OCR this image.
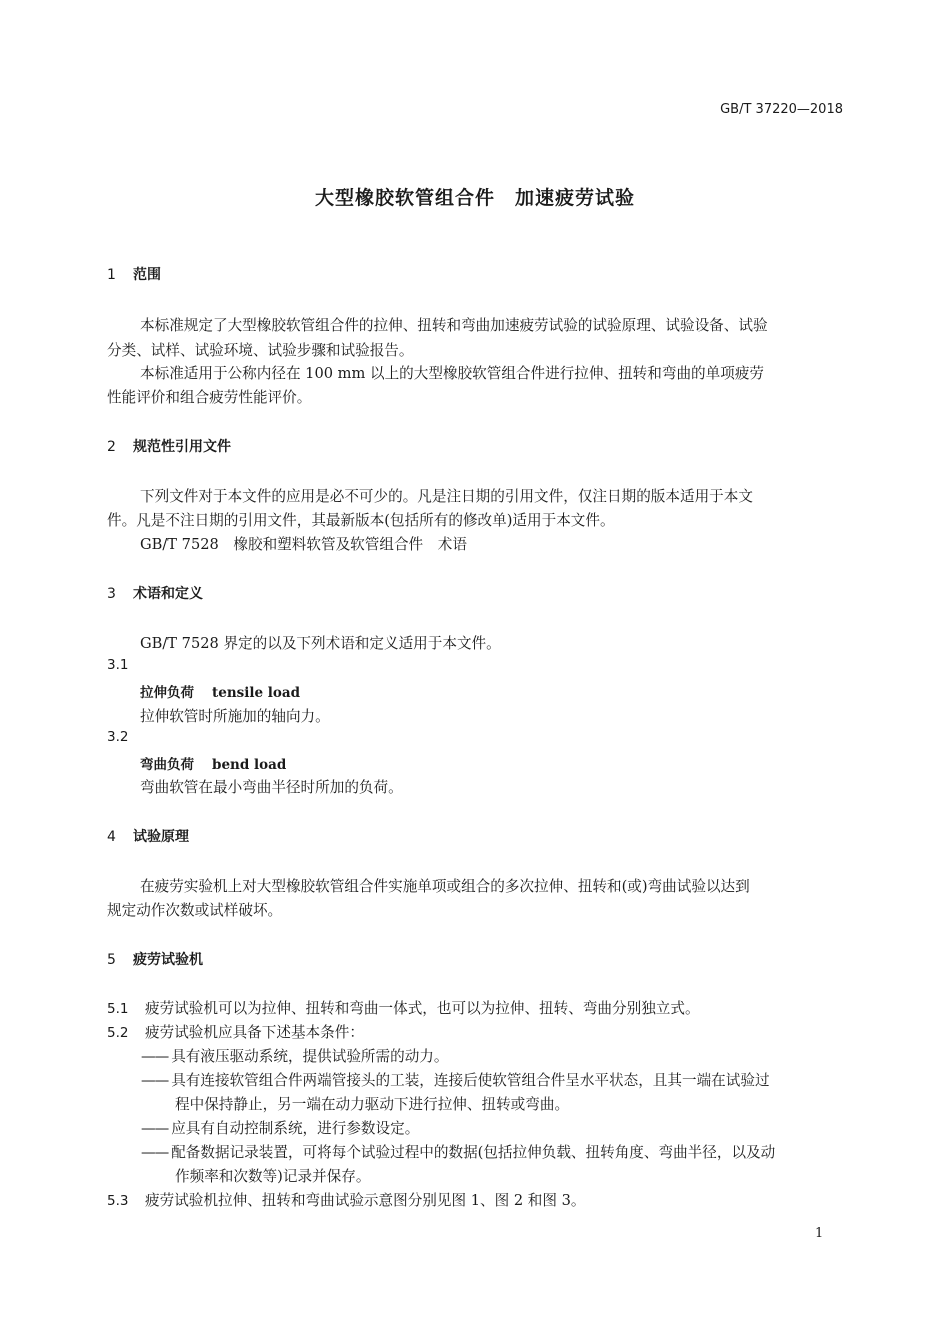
GB/T 37220—2018
大型橡胶软管组合件　加速疲劳试验
1 范围
本标准规定了大型橡胶软管组合件的拉伸、扭转和弯曲加速疲劳试验的试验原理、试验设备、试验
分类、试样、试验环境、试验步骤和试验报告。
本标准适用于公称内径在 100 mm 以上的大型橡胶软管组合件进行拉伸、扭转和弯曲的单项疲劳
性能评价和组合疲劳性能评价。
2 规范性引用文件
下列文件对于本文件的应用是必不可少的。凡是注日期的引用文件，仅注日期的版本适用于本文
件。凡是不注日期的引用文件，其最新版本(包括所有的修改单)适用于本文件。
GB/T 7528　橡胶和塑料软管及软管组合件　术语
3 术语和定义
GB/T 7528 界定的以及下列术语和定义适用于本文件。
3.1
拉伸负荷 tensile load
拉伸软管时所施加的轴向力。
3.2
弯曲负荷 bend load
弯曲软管在最小弯曲半径时所加的负荷。
4 试验原理
在疲劳实验机上对大型橡胶软管组合件实施单项或组合的多次拉伸、扭转和(或)弯曲试验以达到
规定动作次数或试样破坏。
5 疲劳试验机
5.1 疲劳试验机可以为拉伸、扭转和弯曲一体式，也可以为拉伸、扭转、弯曲分别独立式。
5.2 疲劳试验机应具备下述基本条件：
—— 具有液压驱动系统，提供试验所需的动力。
—— 具有连接软管组合件两端管接头的工装，连接后使软管组合件呈水平状态，且其一端在试验过
程中保持静止，另一端在动力驱动下进行拉伸、扭转或弯曲。
—— 应具有自动控制系统，进行参数设定。
—— 配备数据记录装置，可将每个试验过程中的数据(包括拉伸负载、扭转角度、弯曲半径，以及动
作频率和次数等)记录并保存。
5.3 疲劳试验机拉伸、扭转和弯曲试验示意图分别见图 1、图 2 和图 3。
1
